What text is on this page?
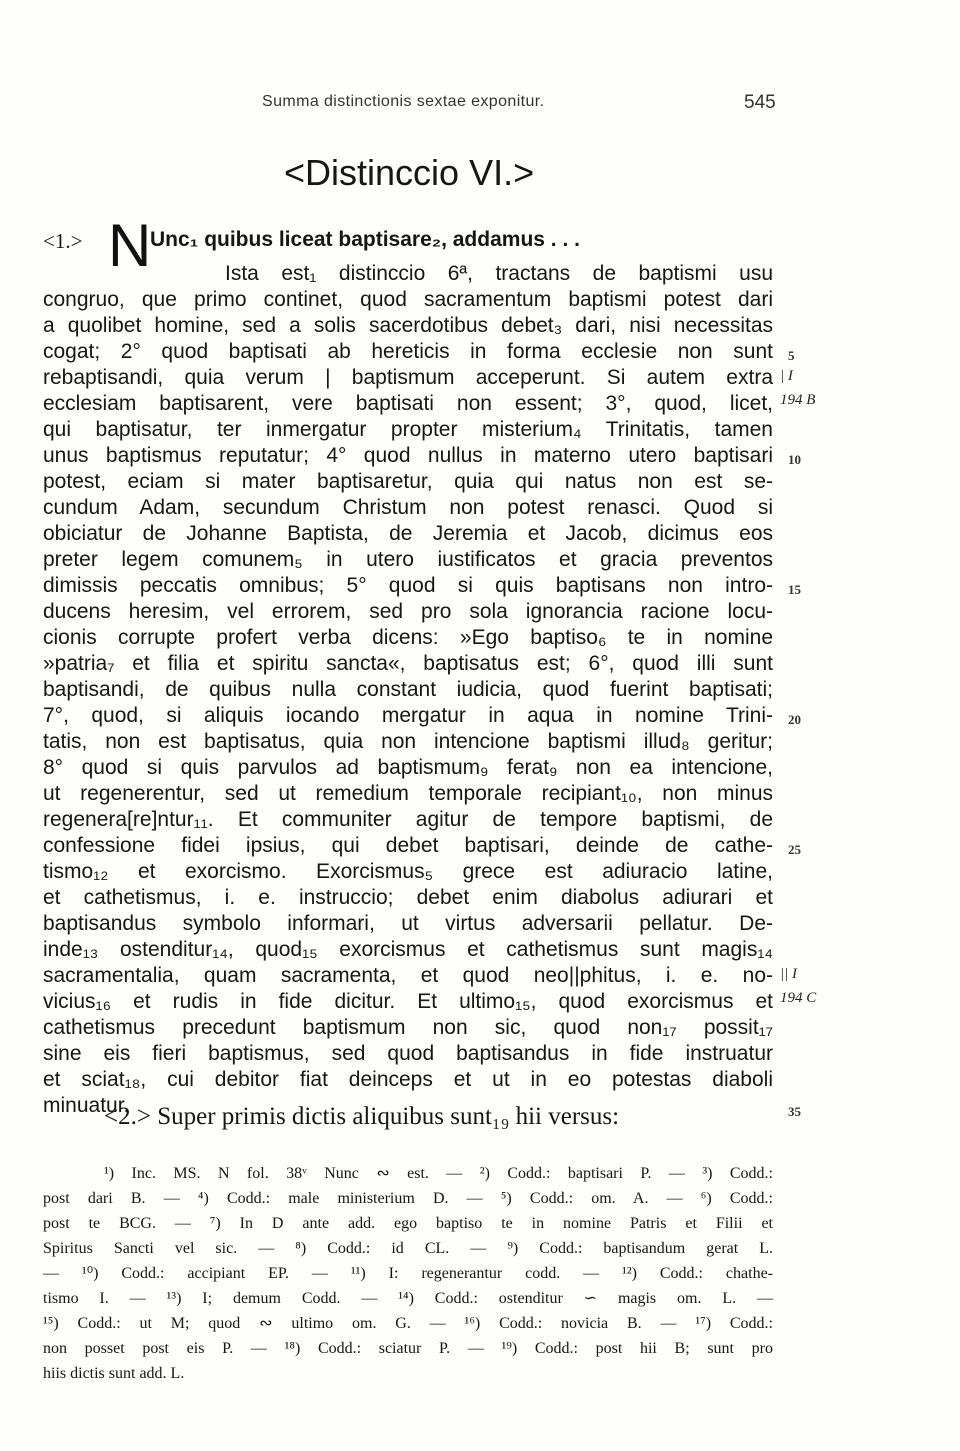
Summa distinctionis sextae exponitur.	545
<Distinccio VI.>
<1.> N
Unc₁ quibus liceat baptisare₂, addamus . . .
Ista est₁ distinccio 6ª, tractans de baptismi usu
congruo, que primo continet, quod sacramentum baptismi potest dari
a quolibet homine, sed a solis sacerdotibus debet₃ dari, nisi necessitas
cogat; 2° quod baptisati ab hereticis in forma ecclesie non sunt
rebaptisandi, quia verum | baptismum acceperunt. Si autem extra
ecclesiam baptisarent, vere baptisati non essent; 3°, quod, licet,
qui baptisatur, ter inmergatur propter misterium₄ Trinitatis, tamen
unus baptismus reputatur; 4° quod nullus in materno utero baptisari
potest, eciam si mater baptisaretur, quia qui natus non est se-
cundum Adam, secundum Christum non potest renasci. Quod si
obiciatur de Johanne Baptista, de Jeremia et Jacob, dicimus eos
preter legem comunem₅ in utero iustificatos et gracia preventos
dimissis peccatis omnibus; 5° quod si quis baptisans non intro-
ducens heresim, vel errorem, sed pro sola ignorancia racione locu-
cionis corrupte profert verba dicens: »Ego baptiso₆ te in nomine
»patria₇ et filia et spiritu sancta«, baptisatus est; 6°, quod illi sunt
baptisandi, de quibus nulla constant iudicia, quod fuerint baptisati;
7°, quod, si aliquis iocando mergatur in aqua in nomine Trini-
tatis, non est baptisatus, quia non intencione baptismi illud₈ geritur;
8° quod si quis parvulos ad baptismum₉ ferat₉ non ea intencione,
ut regenerentur, sed ut remedium temporale recipiant₁₀, non minus
regenera[re]ntur₁₁. Et communiter agitur de tempore baptismi, de
confessione fidei ipsius, qui debet baptisari, deinde de cathe-
tismo₁₂ et exorcismo. Exorcismus₅ grece est adiuracio latine,
et cathetismus, i. e. instruccio; debet enim diabolus adiurari et
baptisandus symbolo informari, ut virtus adversarii pellatur. De-
inde₁₃ ostenditur₁₄, quod₁₅ exorcismus et cathetismus sunt magis₁₄
sacramentalia, quam sacramenta, et quod neo||phitus, i. e. no-
vicius₁₆ et rudis in fide dicitur. Et ultimo₁₅, quod exorcismus et
cathetismus precedunt baptismum non sic, quod non₁₇ possit₁₇
sine eis fieri baptismus, sed quod baptisandus in fide instruatur
et sciat₁₈, cui debitor fiat deinceps et ut in eo potestas diaboli
minuatur.
5
10
15
20
25
35
| I
194 B
|| I
194 C
<2.> Super primis dictis aliquibus sunt₁₉ hii versus:
¹) Inc. MS. N fol. 38ᵛ Nunc ∾ est. — ²) Codd.: baptisari P. — ³) Codd.:
post dari B. — ⁴) Codd.: male ministerium D. — ⁵) Codd.: om. A. — ⁶) Codd.:
post te BCG. — ⁷) In D ante add. ego baptiso te in nomine Patris et Filii et
Spiritus Sancti vel sic. — ⁸) Codd.: id CL. — ⁹) Codd.: baptisandum gerat L.
— ¹⁰) Codd.: accipiant EP. — ¹¹) I: regenerantur codd. — ¹²) Codd.: chathe-
tismo I. — ¹³) I; demum Codd. — ¹⁴) Codd.: ostenditur ∽ magis om. L. —
¹⁵) Codd.: ut M; quod ∾ ultimo om. G. — ¹⁶) Codd.: novicia B. — ¹⁷) Codd.:
non posset post eis P. — ¹⁸) Codd.: sciatur P. — ¹⁹) Codd.: post hii B; sunt pro
hiis dictis sunt add. L.
